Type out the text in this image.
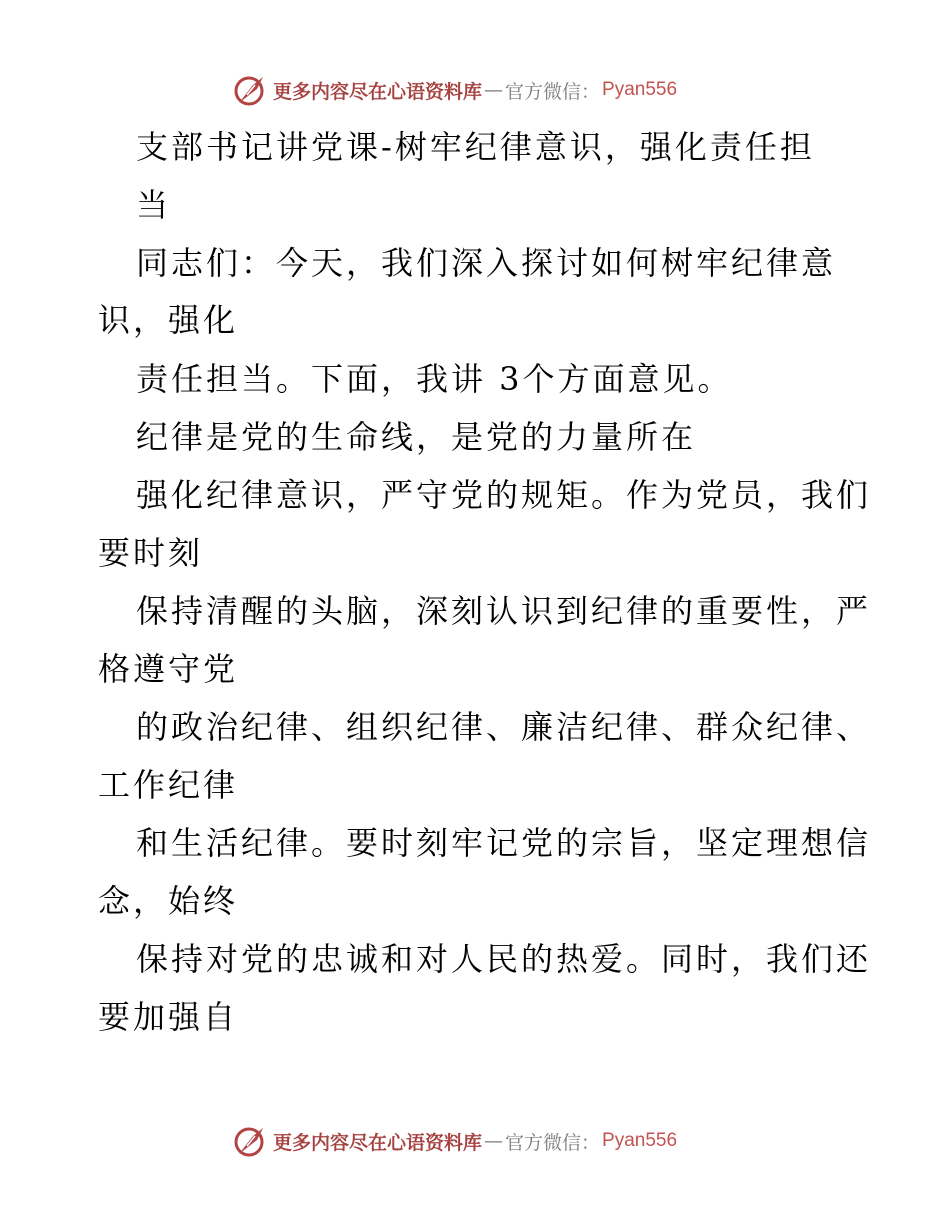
更多内容尽在心语资料库 — 官方微信： Pyan556
支部书记讲党课-树牢纪律意识，强化责任担
当
同志们：今天，我们深入探讨如何树牢纪律意
识，强化
责任担当。下面，我讲 3个方面意见。
纪律是党的生命线，是党的力量所在
强化纪律意识，严守党的规矩。作为党员，我们
要时刻
保持清醒的头脑，深刻认识到纪律的重要性，严
格遵守党
的政治纪律、组织纪律、廉洁纪律、群众纪律、
工作纪律
和生活纪律。要时刻牢记党的宗旨，坚定理想信
念，始终
保持对党的忠诚和对人民的热爱。同时，我们还
要加强自
更多内容尽在心语资料库 — 官方微信： Pyan556
